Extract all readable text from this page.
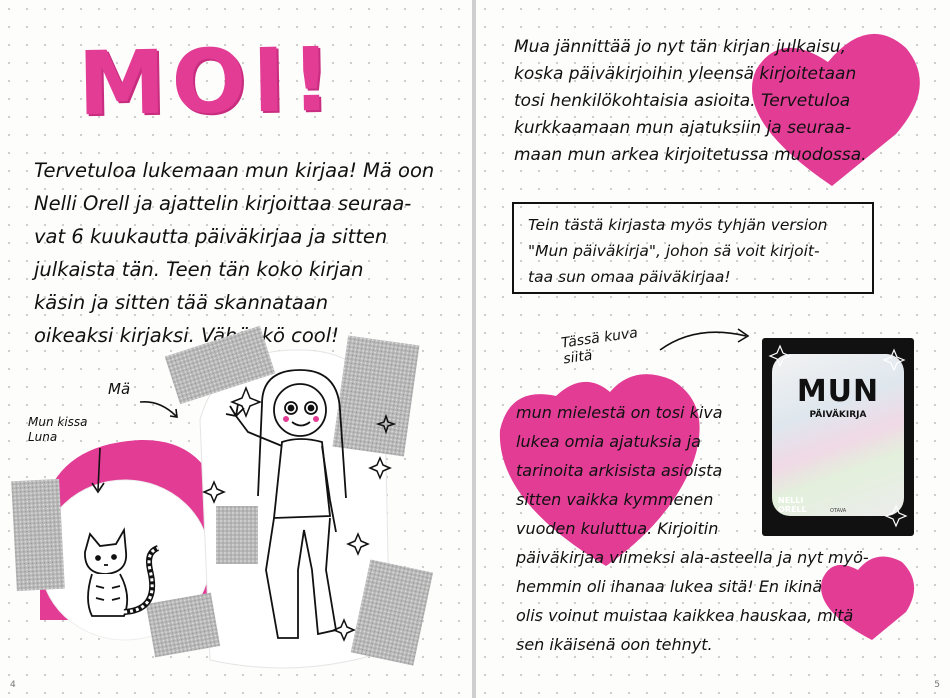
MOI!
Tervetuloa lukemaan mun kirjaa! Mä oon
Nelli Orell ja ajattelin kirjoittaa seuraa-
vat 6 kuukautta päiväkirjaa ja sitten
julkaista tän. Teen tän koko kirjan
käsin ja sitten tää skannataan
oikeaksi kirjaksi. Vähänkö cool!
Mä
Mun kissa Luna
4
Mua jännittää jo nyt tän kirjan julkaisu,
koska päiväkirjoihin yleensä kirjoitetaan
tosi henkilökohtaisia asioita. Tervetuloa
kurkkaamaan mun ajatuksiin ja seuraa-
maan mun arkea kirjoitetussa muodossa.
Tein tästä kirjasta myös tyhjän version
"Mun päiväkirja", johon sä voit kirjoit-
taa sun omaa päiväkirjaa!
Tässä kuva siitä
MUN
PÄIVÄKIRJA
NELLI ORELL	OTAVA
mun mielestä on tosi kiva
lukea omia ajatuksia ja
tarinoita arkisista asioista
sitten vaikka kymmenen
vuoden kuluttua. Kirjoitin
päiväkirjaa viimeksi ala-asteella ja nyt myö-
hemmin oli ihanaa lukea sitä! En ikinä
olis voinut muistaa kaikkea hauskaa, mitä
sen ikäisenä oon tehnyt.
5
